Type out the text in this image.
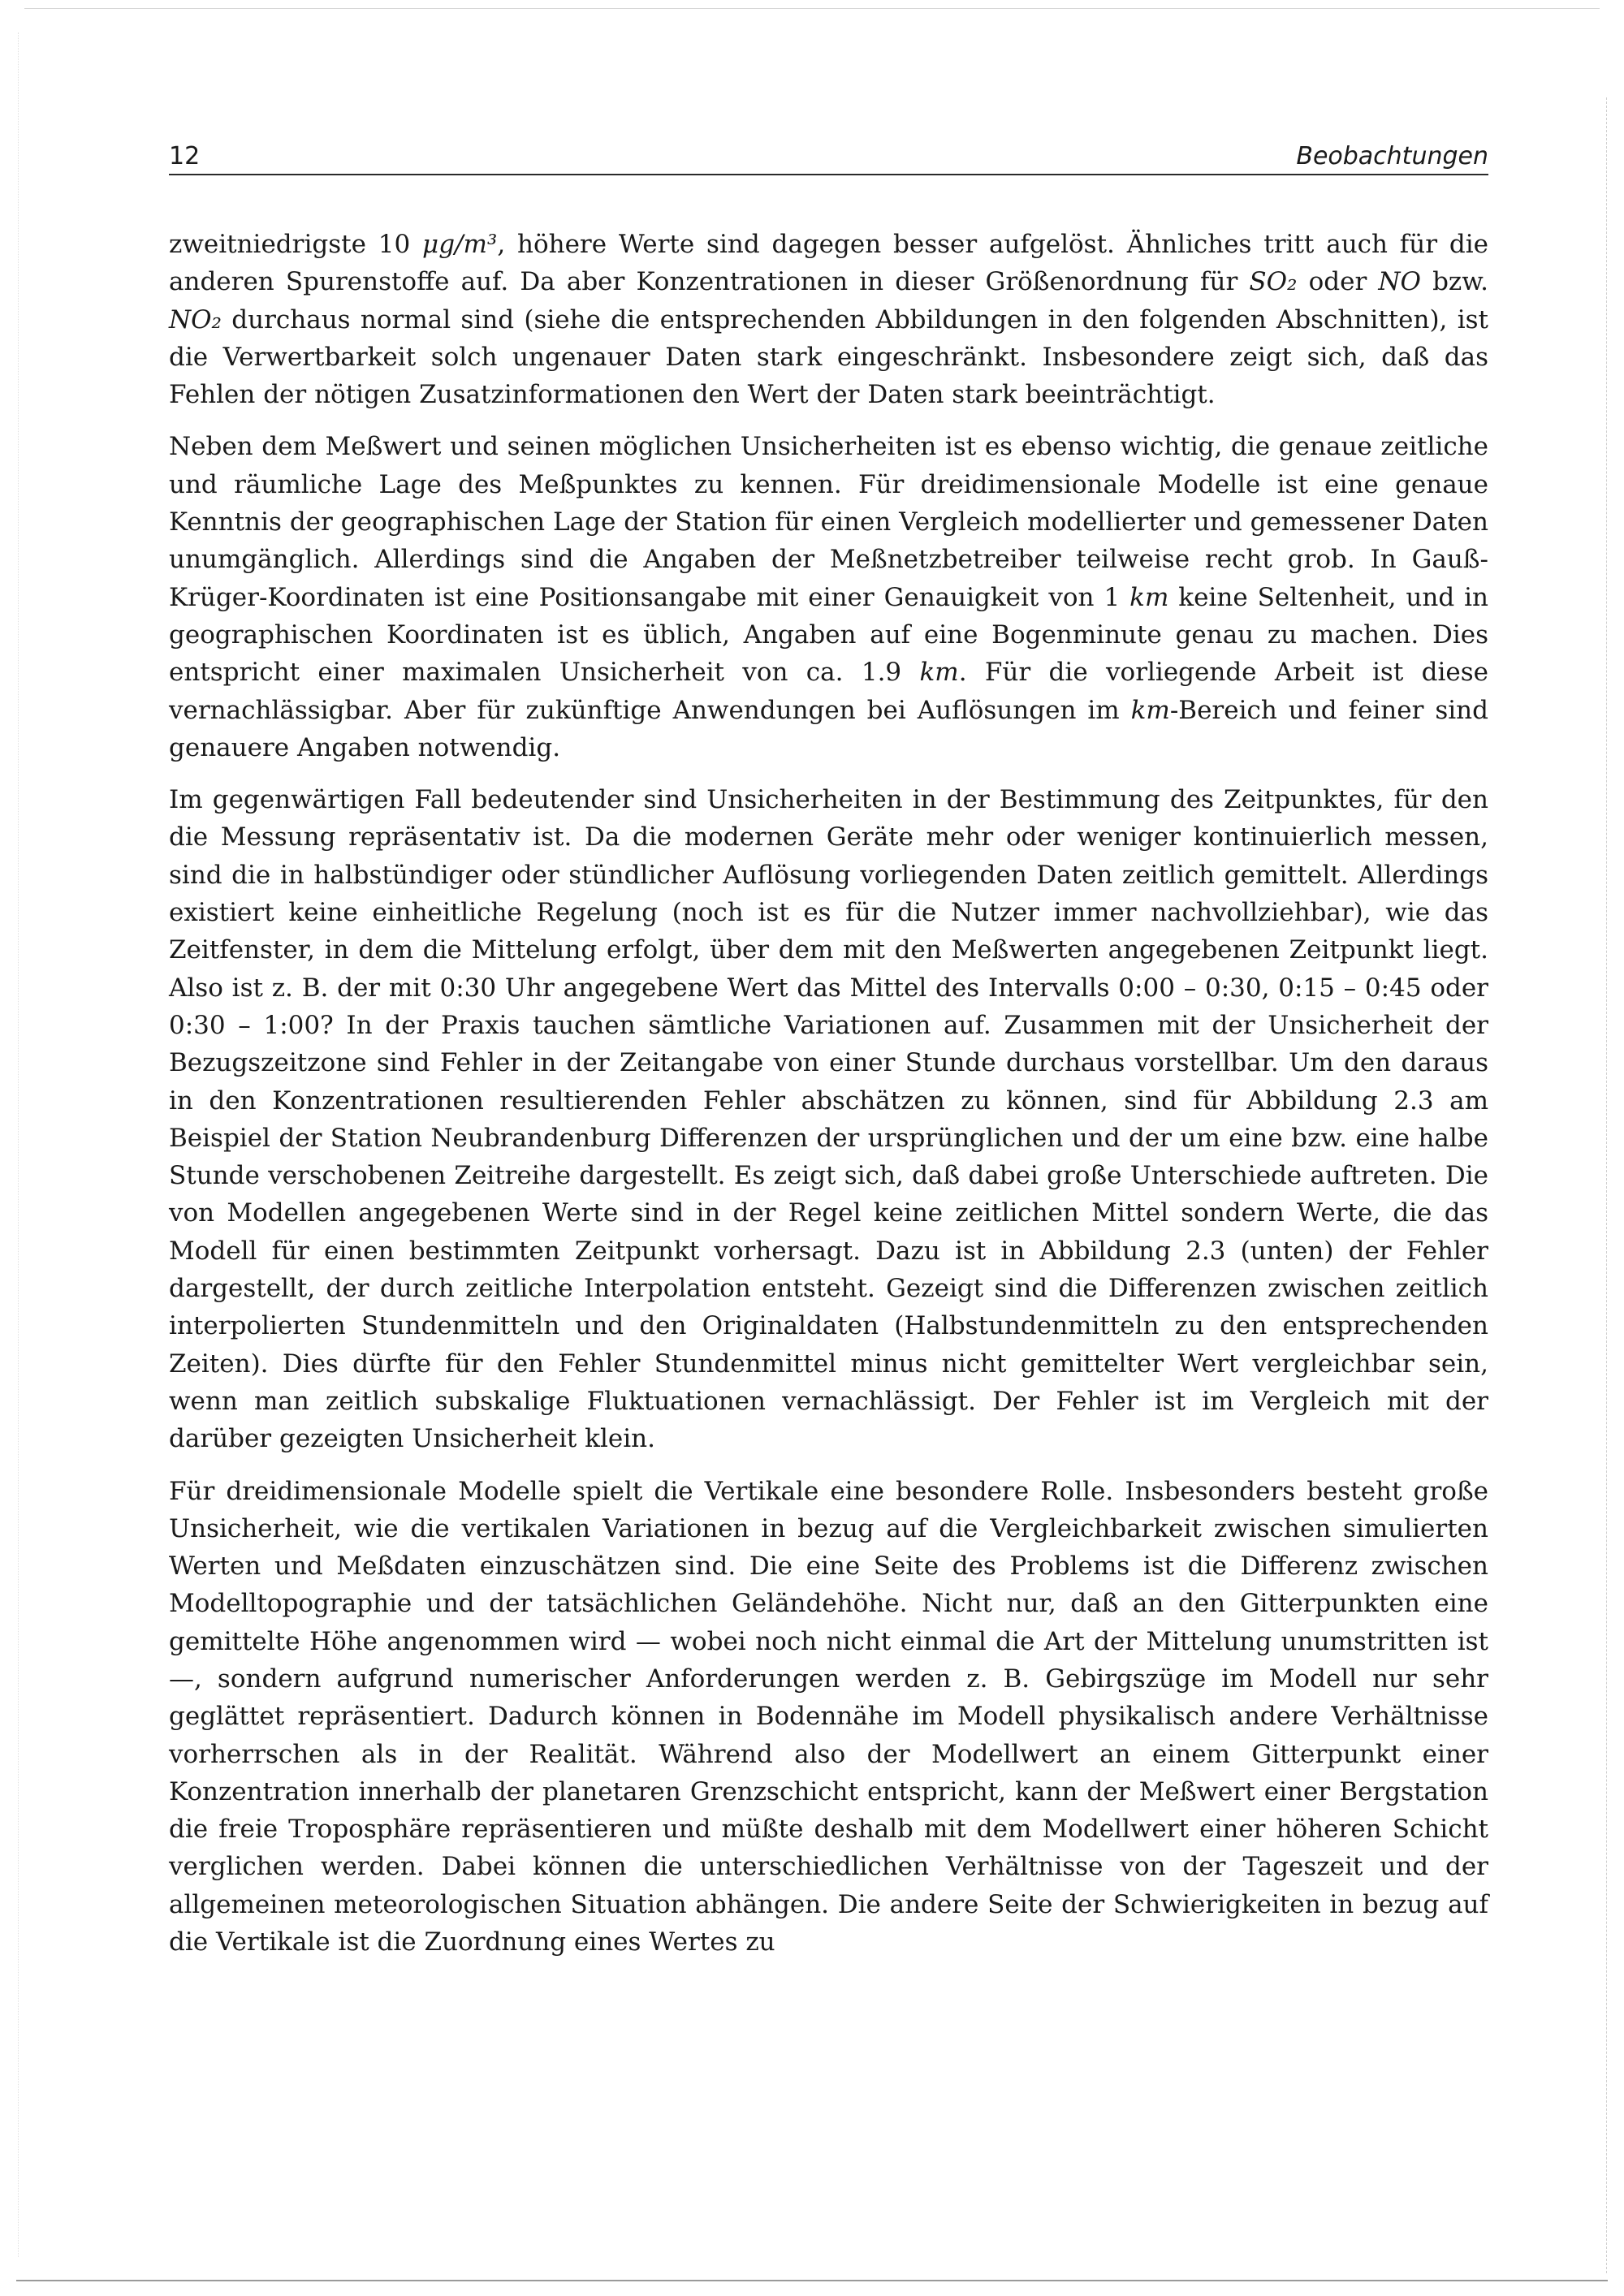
12	Beobachtungen

zweitniedrigste 10 μg/m³, höhere Werte sind dagegen besser aufgelöst. Ähnliches tritt auch für die anderen Spurenstoffe auf. Da aber Konzentrationen in dieser Größenordnung für SO₂ oder NO bzw. NO₂ durchaus normal sind (siehe die entsprechenden Abbildungen in den folgenden Abschnitten), ist die Verwertbarkeit solch ungenauer Daten stark eingeschränkt. Insbesondere zeigt sich, daß das Fehlen der nötigen Zusatzinformationen den Wert der Daten stark beeinträchtigt.

Neben dem Meßwert und seinen möglichen Unsicherheiten ist es ebenso wichtig, die genaue zeitliche und räumliche Lage des Meßpunktes zu kennen. Für dreidimensionale Modelle ist eine genaue Kenntnis der geographischen Lage der Station für einen Vergleich modellierter und gemessener Daten unumgänglich. Allerdings sind die Angaben der Meßnetzbetreiber teilweise recht grob. In Gauß-Krüger-Koordinaten ist eine Positionsangabe mit einer Genauigkeit von 1 km keine Seltenheit, und in geographischen Koordinaten ist es üblich, Angaben auf eine Bogenminute genau zu machen. Dies entspricht einer maximalen Unsicherheit von ca. 1.9 km. Für die vorliegende Arbeit ist diese vernachlässigbar. Aber für zukünftige Anwendungen bei Auflösungen im km-Bereich und feiner sind genauere Angaben notwendig.

Im gegenwärtigen Fall bedeutender sind Unsicherheiten in der Bestimmung des Zeitpunktes, für den die Messung repräsentativ ist. Da die modernen Geräte mehr oder weniger kontinuierlich messen, sind die in halbstündiger oder stündlicher Auflösung vorliegenden Daten zeitlich gemittelt. Allerdings existiert keine einheitliche Regelung (noch ist es für die Nutzer immer nachvollziehbar), wie das Zeitfenster, in dem die Mittelung erfolgt, über dem mit den Meßwerten angegebenen Zeitpunkt liegt. Also ist z. B. der mit 0:30 Uhr angegebene Wert das Mittel des Intervalls 0:00 – 0:30, 0:15 – 0:45 oder 0:30 – 1:00? In der Praxis tauchen sämtliche Variationen auf. Zusammen mit der Unsicherheit der Bezugszeitzone sind Fehler in der Zeitangabe von einer Stunde durchaus vorstellbar. Um den daraus in den Konzentrationen resultierenden Fehler abschätzen zu können, sind für Abbildung 2.3 am Beispiel der Station Neubrandenburg Differenzen der ursprünglichen und der um eine bzw. eine halbe Stunde verschobenen Zeitreihe dargestellt. Es zeigt sich, daß dabei große Unterschiede auftreten. Die von Modellen angegebenen Werte sind in der Regel keine zeitlichen Mittel sondern Werte, die das Modell für einen bestimmten Zeitpunkt vorhersagt. Dazu ist in Abbildung 2.3 (unten) der Fehler dargestellt, der durch zeitliche Interpolation entsteht. Gezeigt sind die Differenzen zwischen zeitlich interpolierten Stundenmitteln und den Originaldaten (Halbstundenmitteln zu den entsprechenden Zeiten). Dies dürfte für den Fehler Stundenmittel minus nicht gemittelter Wert vergleichbar sein, wenn man zeitlich subskalige Fluktuationen vernachlässigt. Der Fehler ist im Vergleich mit der darüber gezeigten Unsicherheit klein.

Für dreidimensionale Modelle spielt die Vertikale eine besondere Rolle. Insbesonders besteht große Unsicherheit, wie die vertikalen Variationen in bezug auf die Vergleichbarkeit zwischen simulierten Werten und Meßdaten einzuschätzen sind. Die eine Seite des Problems ist die Differenz zwischen Modelltopographie und der tatsächlichen Geländehöhe. Nicht nur, daß an den Gitterpunkten eine gemittelte Höhe angenommen wird — wobei noch nicht einmal die Art der Mittelung unumstritten ist —, sondern aufgrund numerischer Anforderungen werden z. B. Gebirgszüge im Modell nur sehr geglättet repräsentiert. Dadurch können in Bodennähe im Modell physikalisch andere Verhältnisse vorherrschen als in der Realität. Während also der Modellwert an einem Gitterpunkt einer Konzentration innerhalb der planetaren Grenzschicht entspricht, kann der Meßwert einer Bergstation die freie Troposphäre repräsentieren und müßte deshalb mit dem Modellwert einer höheren Schicht verglichen werden. Dabei können die unterschiedlichen Verhältnisse von der Tageszeit und der allgemeinen meteorologischen Situation abhängen. Die andere Seite der Schwierigkeiten in bezug auf die Vertikale ist die Zuordnung eines Wertes zu
